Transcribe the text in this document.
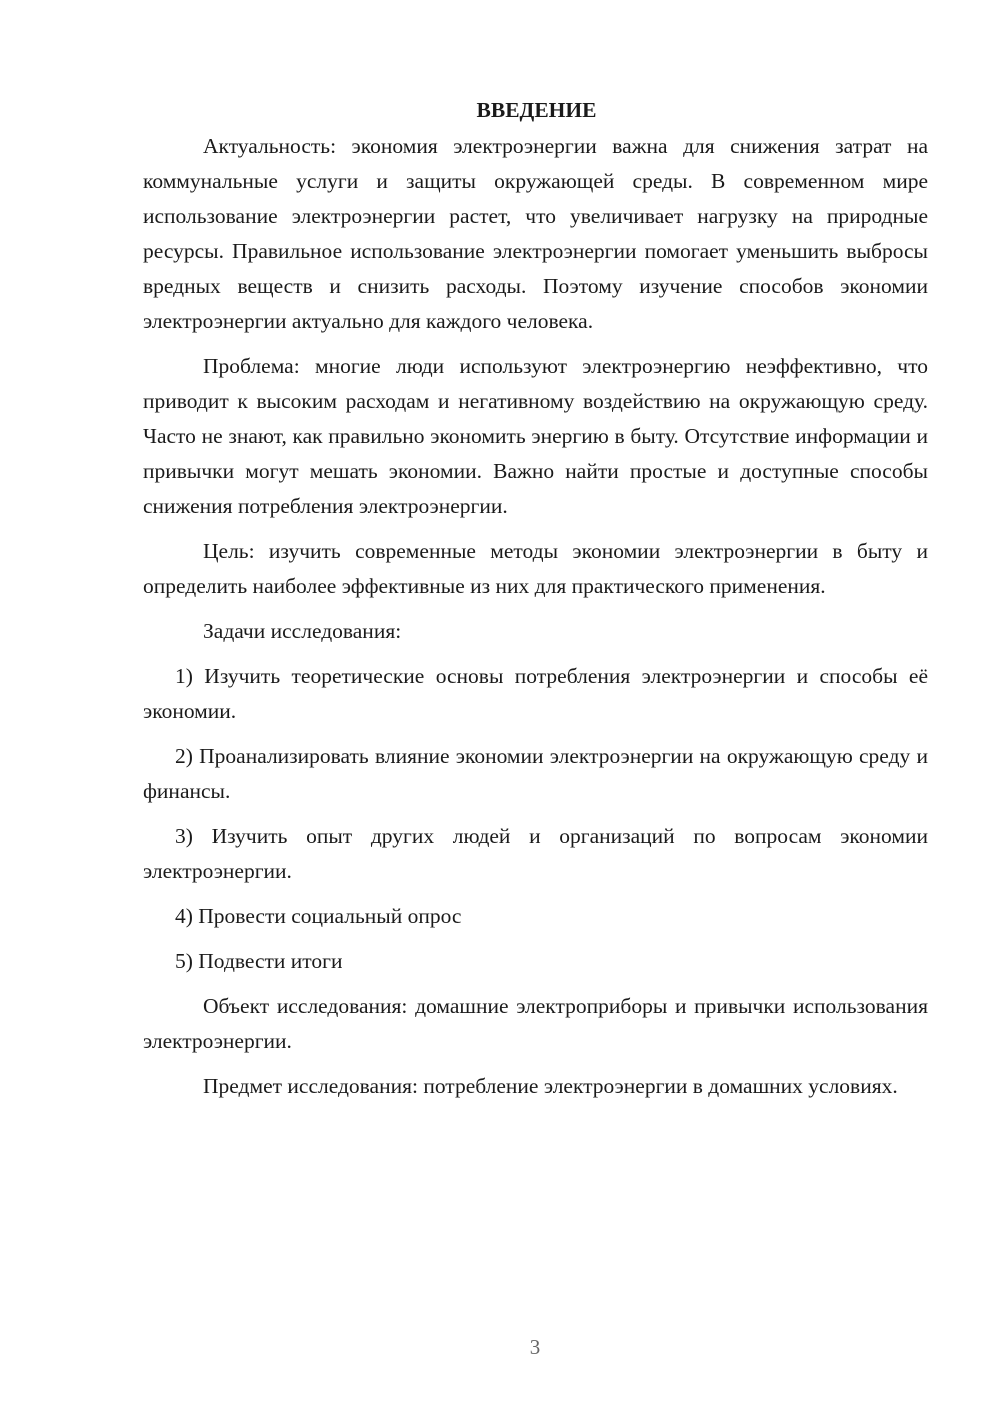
ВВЕДЕНИЕ

Актуальность: экономия электроэнергии важна для снижения затрат на коммунальные услуги и защиты окружающей среды. В современном мире использование электроэнергии растет, что увеличивает нагрузку на природные ресурсы. Правильное использование электроэнергии помогает уменьшить выбросы вредных веществ и снизить расходы. Поэтому изучение способов экономии электроэнергии актуально для каждого человека.

Проблема: многие люди используют электроэнергию неэффективно, что приводит к высоким расходам и негативному воздействию на окружающую среду. Часто не знают, как правильно экономить энергию в быту. Отсутствие информации и привычки могут мешать экономии. Важно найти простые и доступные способы снижения потребления электроэнергии.

Цель: изучить современные методы экономии электроэнергии в быту и определить наиболее эффективные из них для практического применения.

Задачи исследования:

1) Изучить теоретические основы потребления электроэнергии и способы её экономии.

2) Проанализировать влияние экономии электроэнергии на окружающую среду и финансы.

3) Изучить опыт других людей и организаций по вопросам экономии электроэнергии.

4) Провести социальный опрос

5) Подвести итоги

Объект исследования: домашние электроприборы и привычки использования электроэнергии.

Предмет исследования: потребление электроэнергии в домашних условиях.

3
